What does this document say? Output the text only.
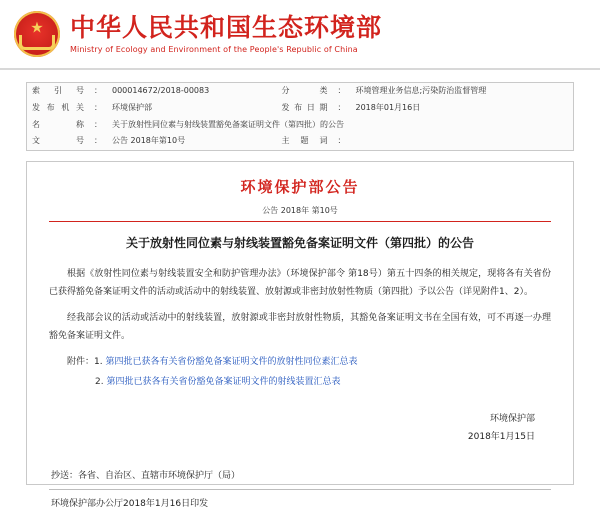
★ 中华人民共和国生态环境部
Ministry of Ecology and Environment of the People's Republic of China
索 引 号	：	000014672/2018-00083	分类	：	环境管理业务信息;污染防治监督管理
发布机关	：	环境保护部	发布日期	：	2018年01月16日
名 称	：	关于放射性同位素与射线装置豁免备案证明文件（第四批）的公告			
文 号	：	公告 2018年第10号	主 题 词	：	
环境保护部公告
公告 2018年 第10号
关于放射性同位素与射线装置豁免备案证明文件（第四批）的公告
根据《放射性同位素与射线装置安全和防护管理办法》（环境保护部令 第18号）第五十四条的相关规定，现将各有关省份已获得豁免备案证明文件的活动或活动中的射线装置、放射源或非密封放射性物质（第四批）予以公告（详见附件1、2）。
经我部会议的活动或活动中的射线装置，放射源或非密封放射性物质，其豁免备案证明文书在全国有效，可不再逐一办理豁免备案证明文件。
附件：1. 第四批已获各有关省份豁免备案证明文件的放射性同位素汇总表
2. 第四批已获各有关省份豁免备案证明文件的射线装置汇总表
环境保护部
2018年1月15日
抄送：各省、自治区、直辖市环境保护厅（局）
环境保护部办公厅2018年1月16日印发
